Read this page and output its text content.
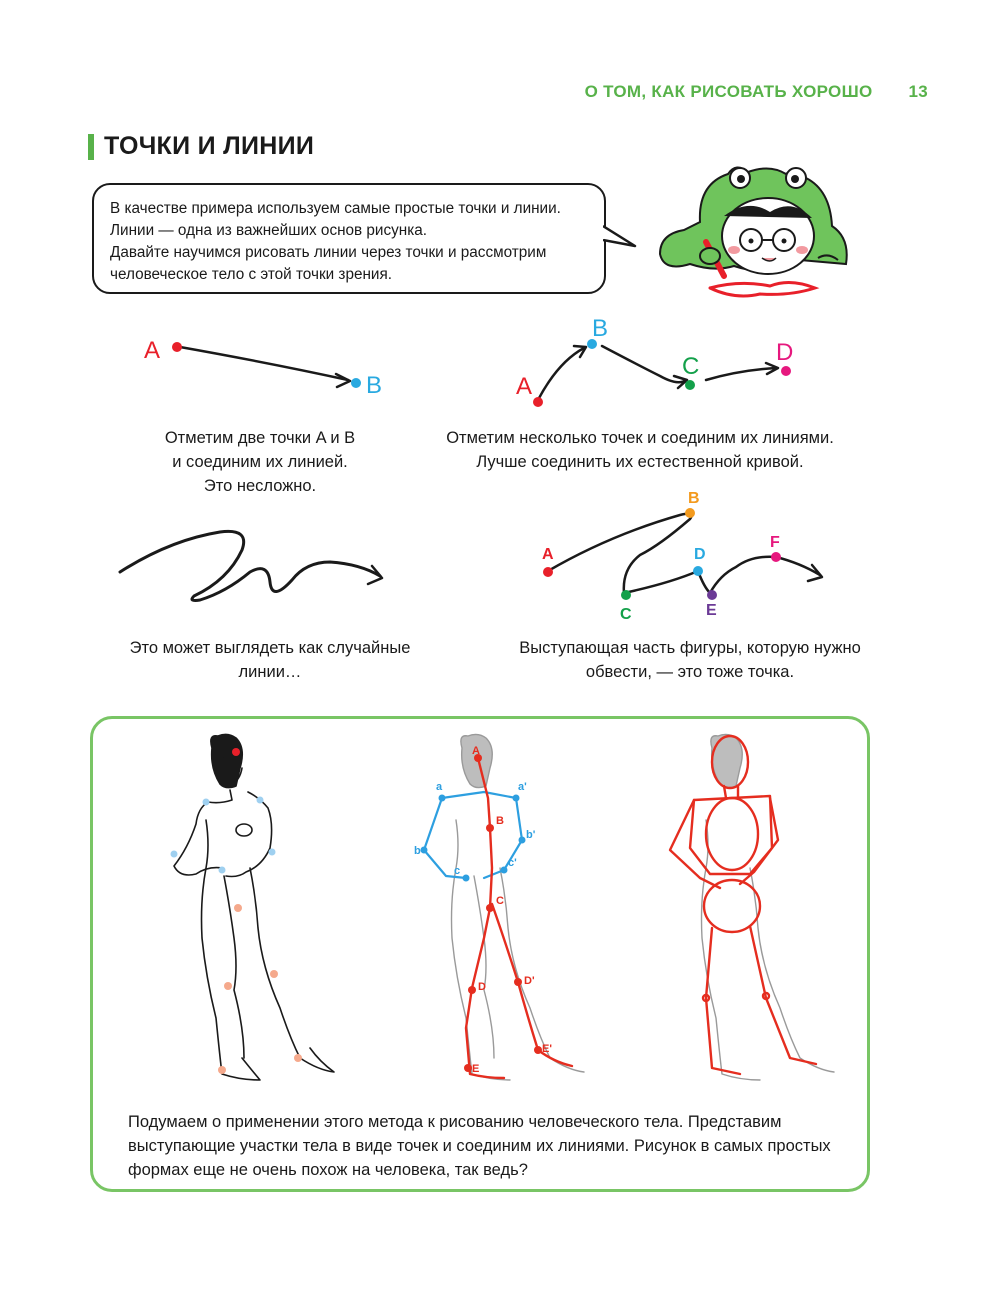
О ТОМ, КАК РИСОВАТЬ ХОРОШО 13
ТОЧКИ И ЛИНИИ

В качестве примера используем самые простые точки и линии. Линии — одна из важнейших основ рисунка.

Давайте научимся рисовать линии через точки и рассмотрим человеческое тело с этой точки зрения.

A
B
Отметим две точки A и B
и соединим их линией.
Это несложно.
A
B
C
D
Отметим несколько точек и соединим их линиями.
Лучше соединить их естественной кривой.
Это может выглядеть как случайные
линии…
A
B
C
D
E
F
Выступающая часть фигуры, которую нужно
обвести, — это тоже точка.
A
a	a'
B
b
b'
c
c'
C
D	D'
E
E'
Подумаем о применении этого метода к рисованию человеческого тела. Представим выступающие участки тела в виде точек и соединим их линиями. Рисунок в самых простых формах еще не очень похож на человека, так ведь?
